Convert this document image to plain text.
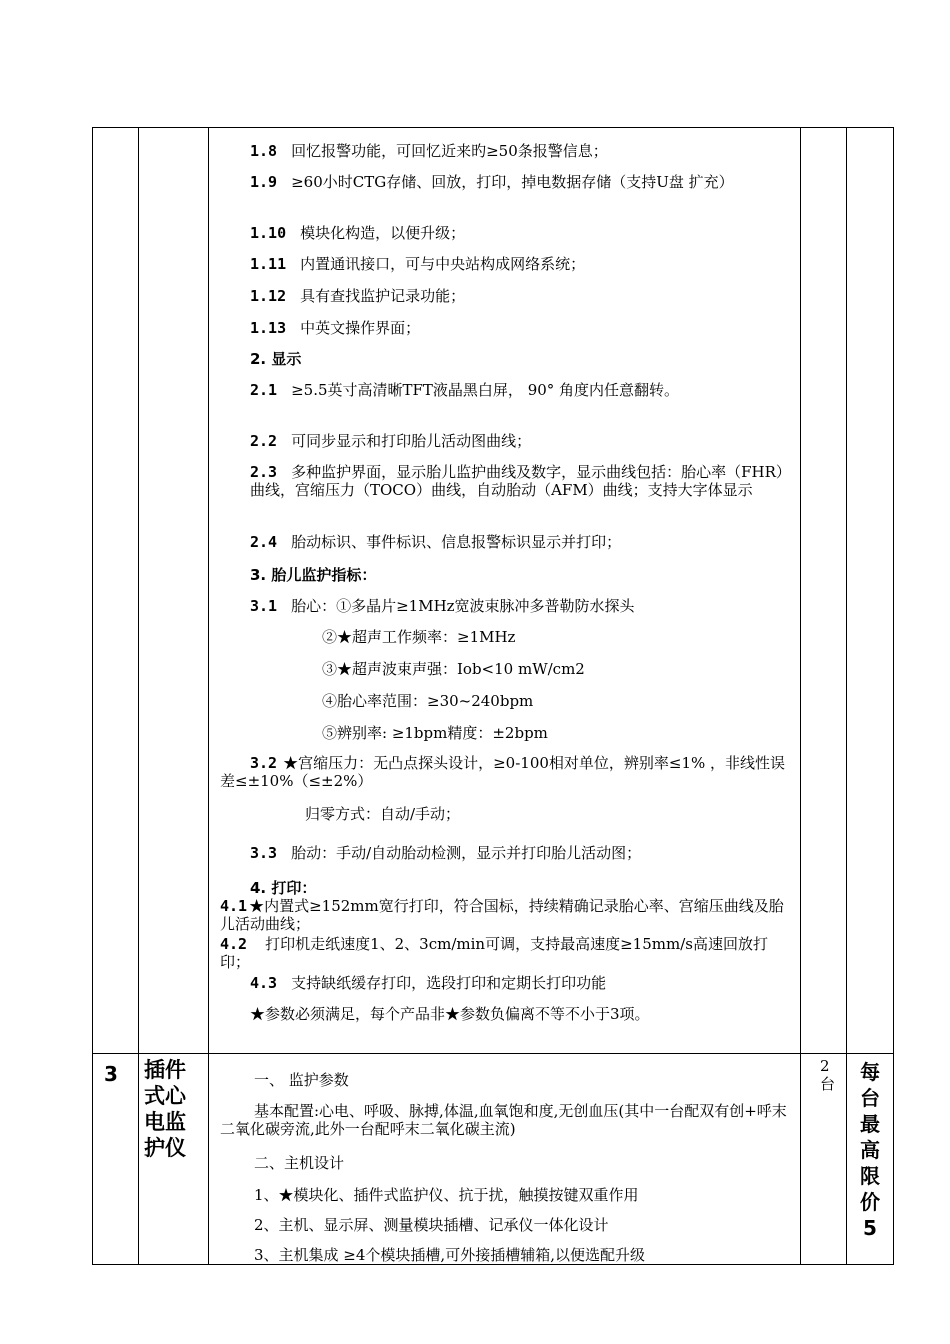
1.8 回忆报警功能，可回忆近来旳≥50条报警信息；
1.9 ≥60小时CTG存储、回放，打印，掉电数据存储（支持U盘 扩充）
1.10 模块化构造，以便升级；
1.11 内置通讯接口，可与中央站构成网络系统；
1.12 具有查找监护记录功能；
1.13 中英文操作界面；
2. 显示
2.1 ≥5.5英寸高清晰TFT液晶黑白屏， 90° 角度内任意翻转。
2.2 可同步显示和打印胎儿活动图曲线；
2.3 多种监护界面，显示胎儿监护曲线及数字，显示曲线包括：胎心率（FHR）曲线，宫缩压力（TOCO）曲线，自动胎动（AFM）曲线；支持大字体显示
2.4 胎动标识、事件标识、信息报警标识显示并打印；
3. 胎儿监护指标：
3.1 胎心：①多晶片≥1MHz宽波束脉冲多普勒防水探头
②★超声工作频率：≥1MHz
③★超声波束声强：Iob<10 mW/cm2
④胎心率范围：≥30~240bpm
⑤辨别率: ≥1bpm精度：±2bpm
3.2 ★宫缩压力：无凸点探头设计，≥0-100相对单位，辨别率≤1% ，非线性误差≤±10%（≤±2%）
归零方式：自动/手动；
3.3 胎动：手动/自动胎动检测，显示并打印胎儿活动图；
4. 打印：
4.1 ★内置式≥152mm宽行打印，符合国标，持续精确记录胎心率、宫缩压曲线及胎儿活动曲线；
4.2 打印机走纸速度1、2、3cm/min可调，支持最高速度≥15mm/s高速回放打印；
4.3 支持缺纸缓存打印，选段打印和定期长打印功能
★参数必须满足，每个产品非★参数负偏离不等不小于3项。
3 插件
式心
电监
护仪
2台 每
台
最
高
限
价
5
一、 监护参数
基本配置:心电、呼吸、脉搏,体温,血氧饱和度,无创血压(其中一台配双有创+呼末二氧化碳旁流,此外一台配呼末二氧化碳主流)
二、主机设计
1、★模块化、插件式监护仪、抗于扰，触摸按键双重作用
2、主机、显示屏、测量模块插槽、记承仪一体化设计
3、主机集成 ≥4个模块插槽,可外接插槽辅箱,以便选配升级
